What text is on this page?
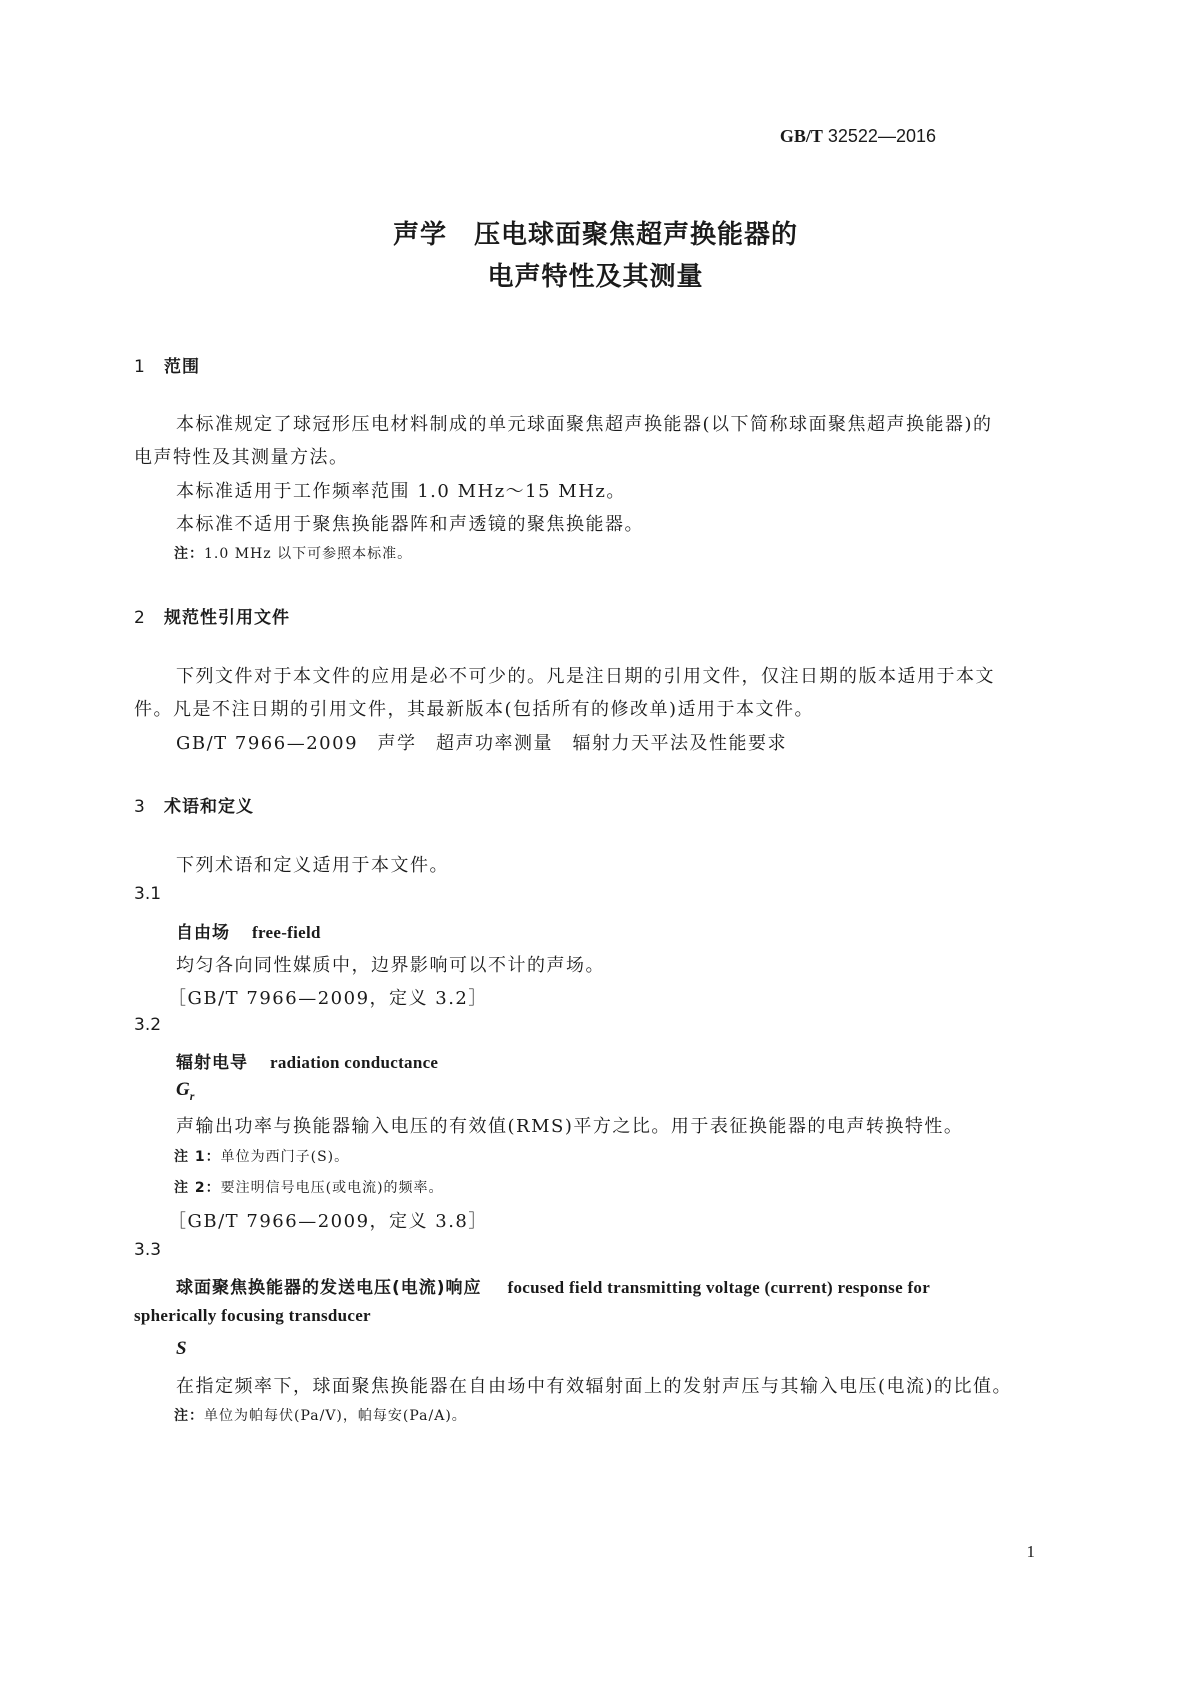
GB/T 32522—2016
声学　压电球面聚焦超声换能器的
电声特性及其测量
1 范围
本标准规定了球冠形压电材料制成的单元球面聚焦超声换能器(以下简称球面聚焦超声换能器)的
电声特性及其测量方法。
本标准适用于工作频率范围 1.0 MHz～15 MHz。
本标准不适用于聚焦换能器阵和声透镜的聚焦换能器。
注：1.0 MHz 以下可参照本标准。
2 规范性引用文件
下列文件对于本文件的应用是必不可少的。凡是注日期的引用文件，仅注日期的版本适用于本文
件。凡是不注日期的引用文件，其最新版本(包括所有的修改单)适用于本文件。
GB/T 7966—2009　声学　超声功率测量　辐射力天平法及性能要求
3 术语和定义
下列术语和定义适用于本文件。
3.1
自由场 free-field
均匀各向同性媒质中，边界影响可以不计的声场。
［GB/T 7966—2009，定义 3.2］
3.2
辐射电导 radiation conductance
$G_r$
声输出功率与换能器输入电压的有效值(RMS)平方之比。用于表征换能器的电声转换特性。
注 1：单位为西门子(S)。
注 2：要注明信号电压(或电流)的频率。
［GB/T 7966—2009，定义 3.8］
3.3
球面聚焦换能器的发送电压(电流)响应 focused field transmitting voltage (current) response for
spherically focusing transducer
S
在指定频率下，球面聚焦换能器在自由场中有效辐射面上的发射声压与其输入电压(电流)的比值。
注：单位为帕每伏(Pa/V)，帕每安(Pa/A)。
1
